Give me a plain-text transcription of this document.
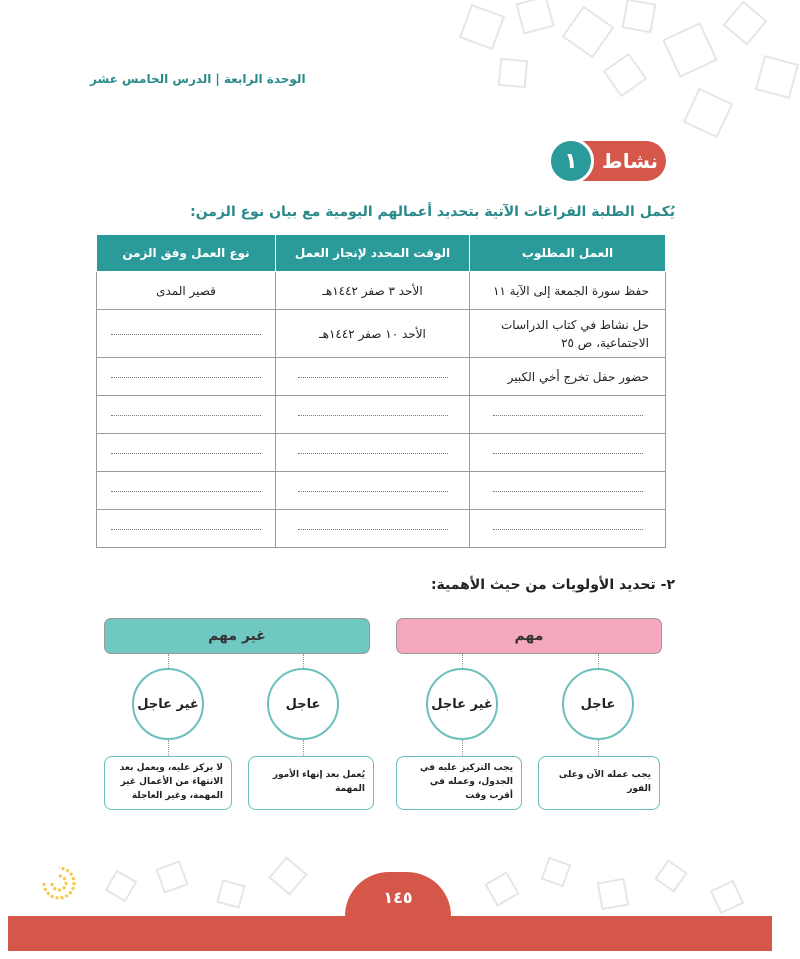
الوحدة الرابعة|الدرس الخامس عشر
نشاط
١
يُكمل الطلبة الفراغات الآتية بتحديد أعمالهم اليومية مع بيان نوع الزمن:
العمل المطلوب	الوقت المحدد لإنجاز العمل	نوع العمل وفق الزمن
حفظ سورة الجمعة إلى الآية ١١	الأحد ٣ صفر ١٤٤٢هـ	قصير المدى
حل نشاط في كتاب الدراسات الاجتماعية، ص ٢٥	الأحد ١٠ صفر ١٤٤٢هـ	
حضور حفل تخرج أخي الكبير		

٢- تحديد الأولويات من حيث الأهمية:
مهم
غير مهم
عاجل
غير عاجل
عاجل
غير عاجل
يجب عمله الآن وعلى الفور
يجب التركيز عليه في الجدول، وعمله في أقرب وقت
يُعمل بعد إنهاء الأمور المهمة
لا يركز عليه، ويعمل بعد الانتهاء من الأعمال غير المهمة، وغير العاجلة
١٤٥
